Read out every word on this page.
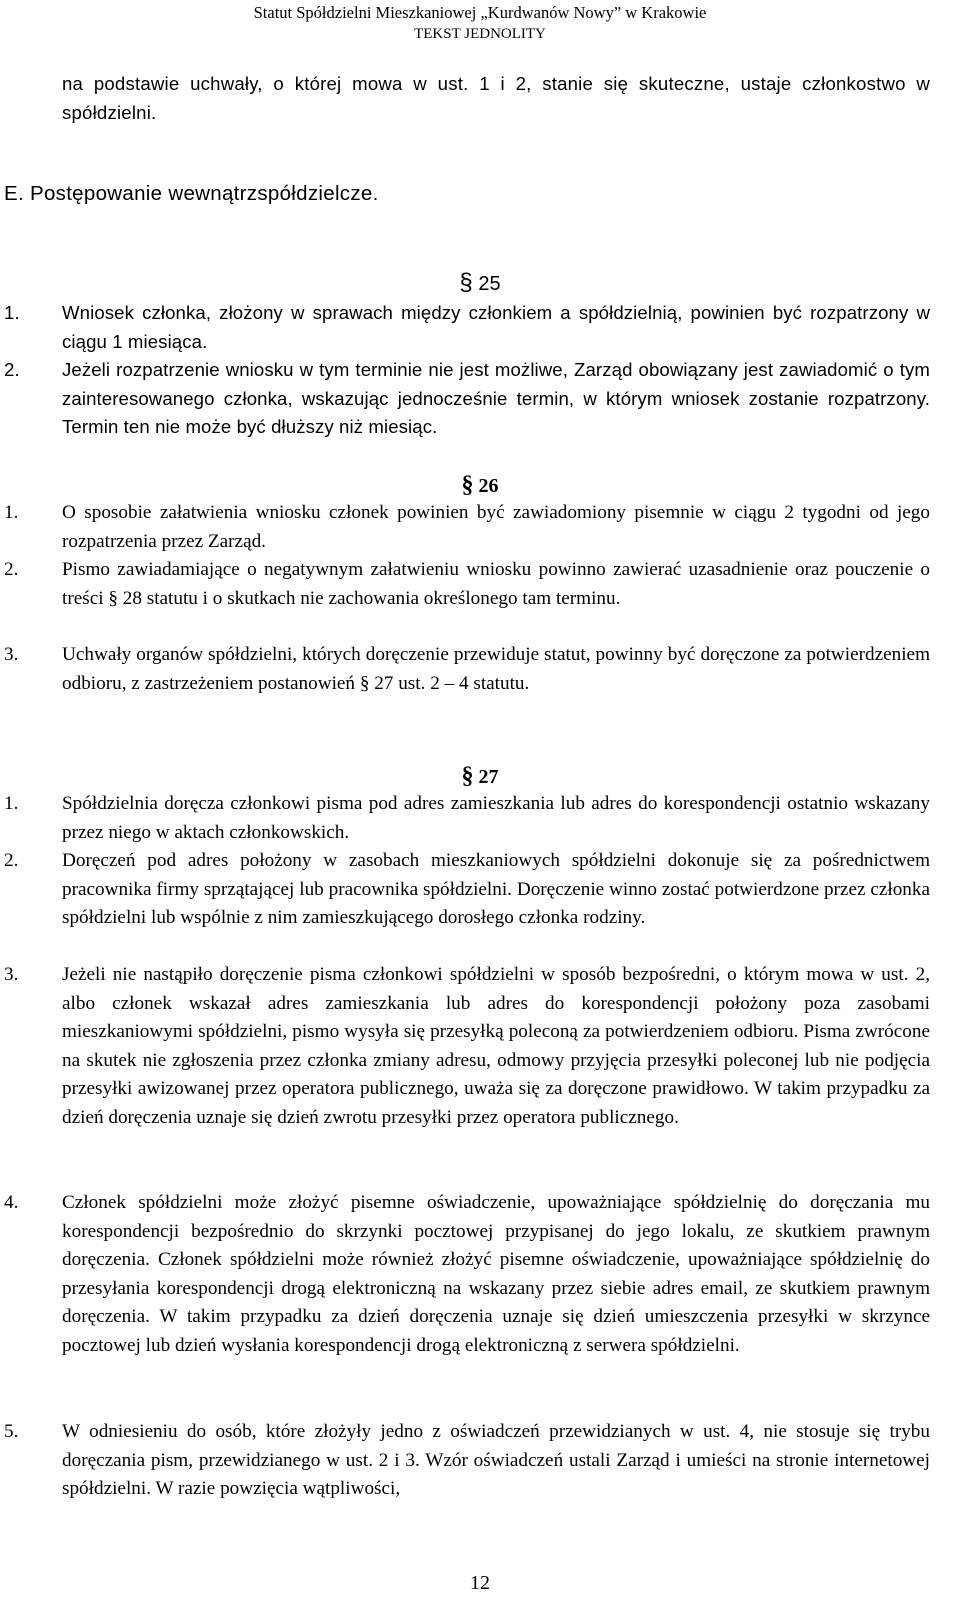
Statut Spółdzielni Mieszkaniowej „Kurdwanów Nowy” w Krakowie
TEKST JEDNOLITY
na podstawie uchwały, o której mowa w ust. 1 i 2, stanie się skuteczne, ustaje członkostwo w spółdzielni.
E. Postępowanie wewnątrzspółdzielcze.
§ 25
1. Wniosek członka, złożony w sprawach między członkiem a spółdzielnią, powinien być rozpatrzony w ciągu 1 miesiąca.
2. Jeżeli rozpatrzenie wniosku w tym terminie nie jest możliwe, Zarząd obowiązany jest zawiadomić o tym zainteresowanego członka, wskazując jednocześnie termin, w którym wniosek zostanie rozpatrzony. Termin ten nie może być dłuższy niż miesiąc.
§ 26
1. O sposobie załatwienia wniosku członek powinien być zawiadomiony pisemnie w ciągu 2 tygodni od jego rozpatrzenia przez Zarząd.
2. Pismo zawiadamiające o negatywnym załatwieniu wniosku powinno zawierać uzasadnienie oraz pouczenie o treści § 28 statutu i o skutkach nie zachowania określonego tam terminu.
3. Uchwały organów spółdzielni, których doręczenie przewiduje statut, powinny być doręczone za potwierdzeniem odbioru, z zastrzeżeniem postanowień § 27 ust. 2 – 4 statutu.
§ 27
1. Spółdzielnia doręcza członkowi pisma pod adres zamieszkania lub adres do korespondencji ostatnio wskazany przez niego w aktach członkowskich.
2. Doręczeń pod adres położony w zasobach mieszkaniowych spółdzielni dokonuje się za pośrednictwem pracownika firmy sprzątającej lub pracownika spółdzielni. Doręczenie winno zostać potwierdzone przez członka spółdzielni lub wspólnie z nim zamieszkującego dorosłego członka rodziny.
3. Jeżeli nie nastąpiło doręczenie pisma członkowi spółdzielni w sposób bezpośredni, o którym mowa w ust. 2, albo członek wskazał adres zamieszkania lub adres do korespondencji położony poza zasobami mieszkaniowymi spółdzielni, pismo wysyła się przesyłką poleconą za potwierdzeniem odbioru. Pisma zwrócone na skutek nie zgłoszenia przez członka zmiany adresu, odmowy przyjęcia przesyłki poleconej lub nie podjęcia przesyłki awizowanej przez operatora publicznego, uważa się za doręczone prawidłowo. W takim przypadku za dzień doręczenia uznaje się dzień zwrotu przesyłki przez operatora publicznego.
4. Członek spółdzielni może złożyć pisemne oświadczenie, upoważniające spółdzielnię do doręczania mu korespondencji bezpośrednio do skrzynki pocztowej przypisanej do jego lokalu, ze skutkiem prawnym doręczenia. Członek spółdzielni może również złożyć pisemne oświadczenie, upoważniające spółdzielnię do przesyłania korespondencji drogą elektroniczną na wskazany przez siebie adres email, ze skutkiem prawnym doręczenia. W takim przypadku za dzień doręczenia uznaje się dzień umieszczenia przesyłki w skrzynce pocztowej lub dzień wysłania korespondencji drogą elektroniczną z serwera spółdzielni.
5. W odniesieniu do osób, które złożyły jedno z oświadczeń przewidzianych w ust. 4, nie stosuje się trybu doręczania pism, przewidzianego w ust. 2 i 3. Wzór oświadczeń ustali Zarząd i umieści na stronie internetowej spółdzielni. W razie powzięcia wątpliwości,
12
